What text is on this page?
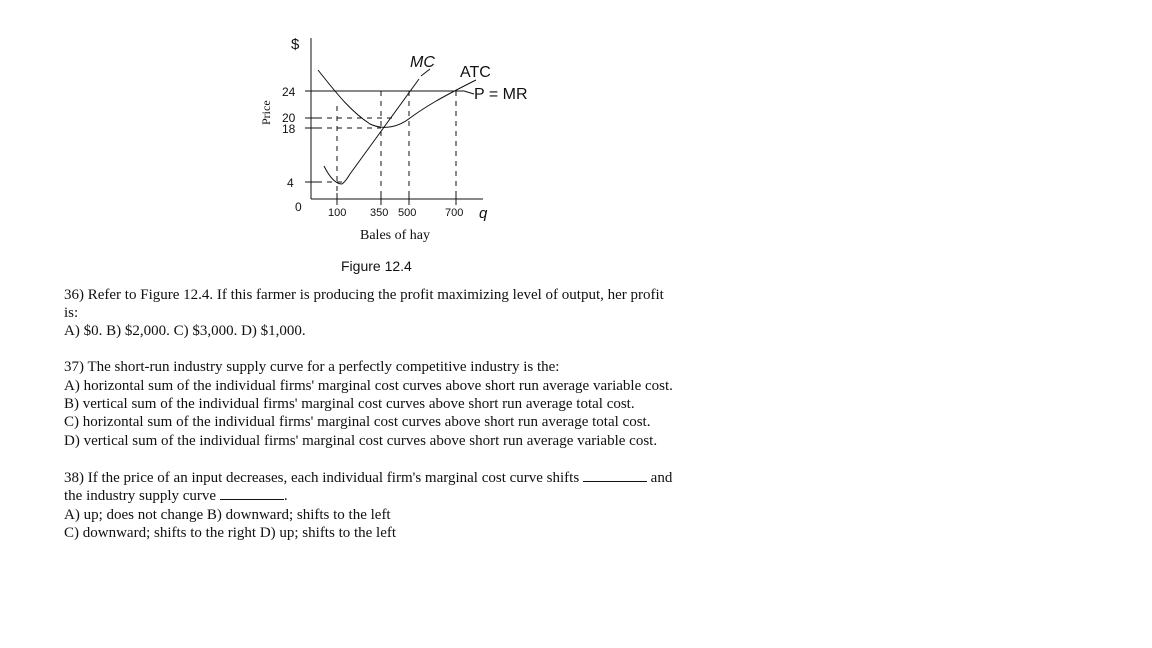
$
Price
24
20
18
4
0 100 350 500	700 q
Bales of hay
MC
ATC
P = MR
Figure 12.4
36) Refer to Figure 12.4. If this farmer is producing the profit maximizing level of output, her profit
is:
A) $0. B) $2,000. C) $3,000. D) $1,000.
37) The short-run industry supply curve for a perfectly competitive industry is the:
A) horizontal sum of the individual firms' marginal cost curves above short run average variable cost.
B) vertical sum of the individual firms' marginal cost curves above short run average total cost.
C) horizontal sum of the individual firms' marginal cost curves above short run average total cost.
D) vertical sum of the individual firms' marginal cost curves above short run average variable cost.
38) If the price of an input decreases, each individual firm's marginal cost curve shifts	and
the industry supply curve	.
A) up; does not change B) downward; shifts to the left
C) downward; shifts to the right D) up; shifts to the left
